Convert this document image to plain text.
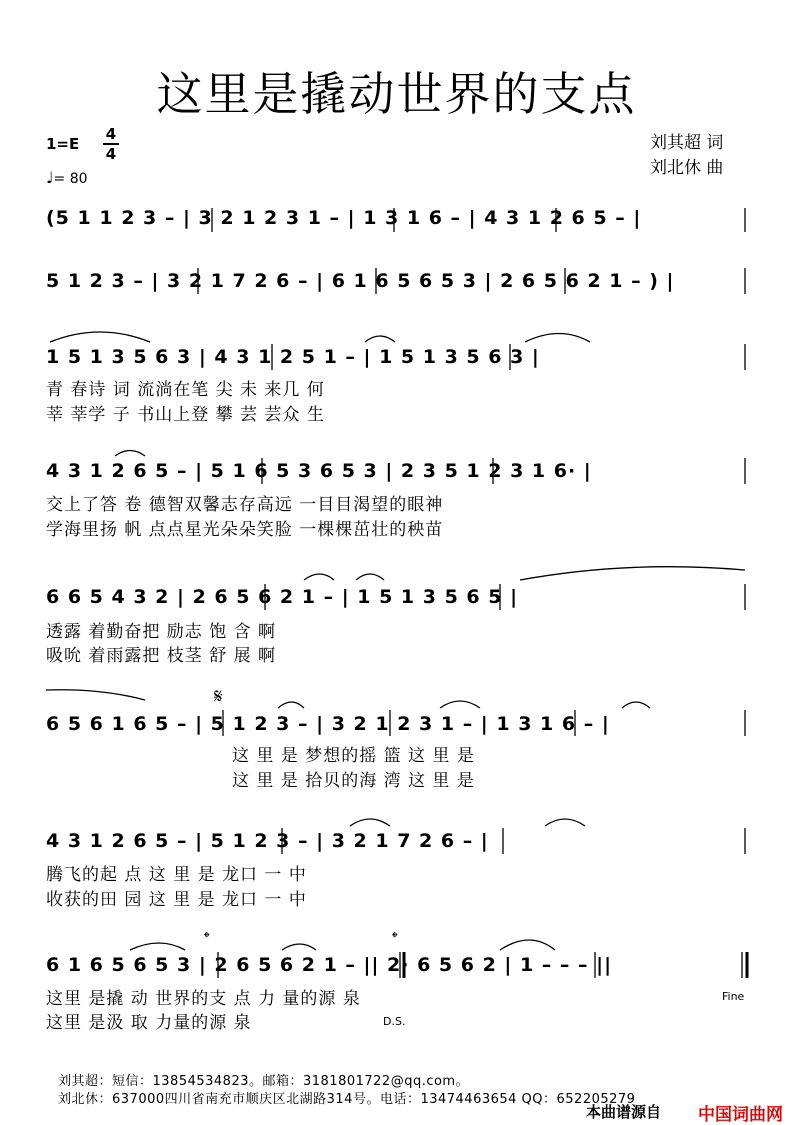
这里是撬动世界的支点
刘其超 词
刘北休 曲
1=E
4
4
♩= 80
(5 1 1 2 3 – | 3 2 1 2 3 1 – | 1 3 1 6 – | 4 3 1 2 6 5 – |
5 1 2 3 – | 3 2 1 7 2 6 – | 6 1 6 5 6 5 3 | 2 6 5 6 2 1 – ) |
1 5 1 3 5 6 3 | 4 3 1 2 5 1 – | 1 5 1 3 5 6 3 |
青 春诗 词 流淌在笔 尖 未 来几 何
莘 莘学 子 书山上登 攀 芸 芸众 生
4 3 1 2 6 5 – | 5 1 6 5 3 6 5 3 | 2 3 5 1 2 3 1 6· |
交上了答 卷 德智双馨志存高远 一目目渴望的眼神
学海里扬 帆 点点星光朵朵笑脸 一棵棵茁壮的秧苗
6 6 5 4 3 2 | 2 6 5 6 2 1 – | 1 5 1 3 5 6 5 |
透露 着勤奋把 励志 饱 含 啊
吸吮 着雨露把 枝茎 舒 展 啊
𝄋
6 5 6 1 6 5 – | 5 1 2 3 – | 3 2 1 2 3 1 – | 1 3 1 6 – |
这 里 是 梦想的摇 篮 这 里 是
这 里 是 拾贝的海 湾 这 里 是
4 3 1 2 6 5 – | 5 1 2 3 – | 3 2 1 7 2 6 – |
腾飞的起 点 这 里 是 龙口 一 中
收获的田 园 这 里 是 龙口 一 中
𝄌	𝄌
6 1 6 5 6 5 3 | 2 6 5 6 2 1 – || 2· 6 5 6 2 | 1 – – – ||
这里 是撬 动 世界的支 点 力 量的源 泉
这里 是汲 取 力量的源 泉
Fine
D.S.
刘其超：短信：13854534823。邮箱：3181801722@qq.com。
刘北休：637000四川省南充市顺庆区北湖路314号。电话：13474463654 QQ：652205279
本曲谱源自 中国词曲网
